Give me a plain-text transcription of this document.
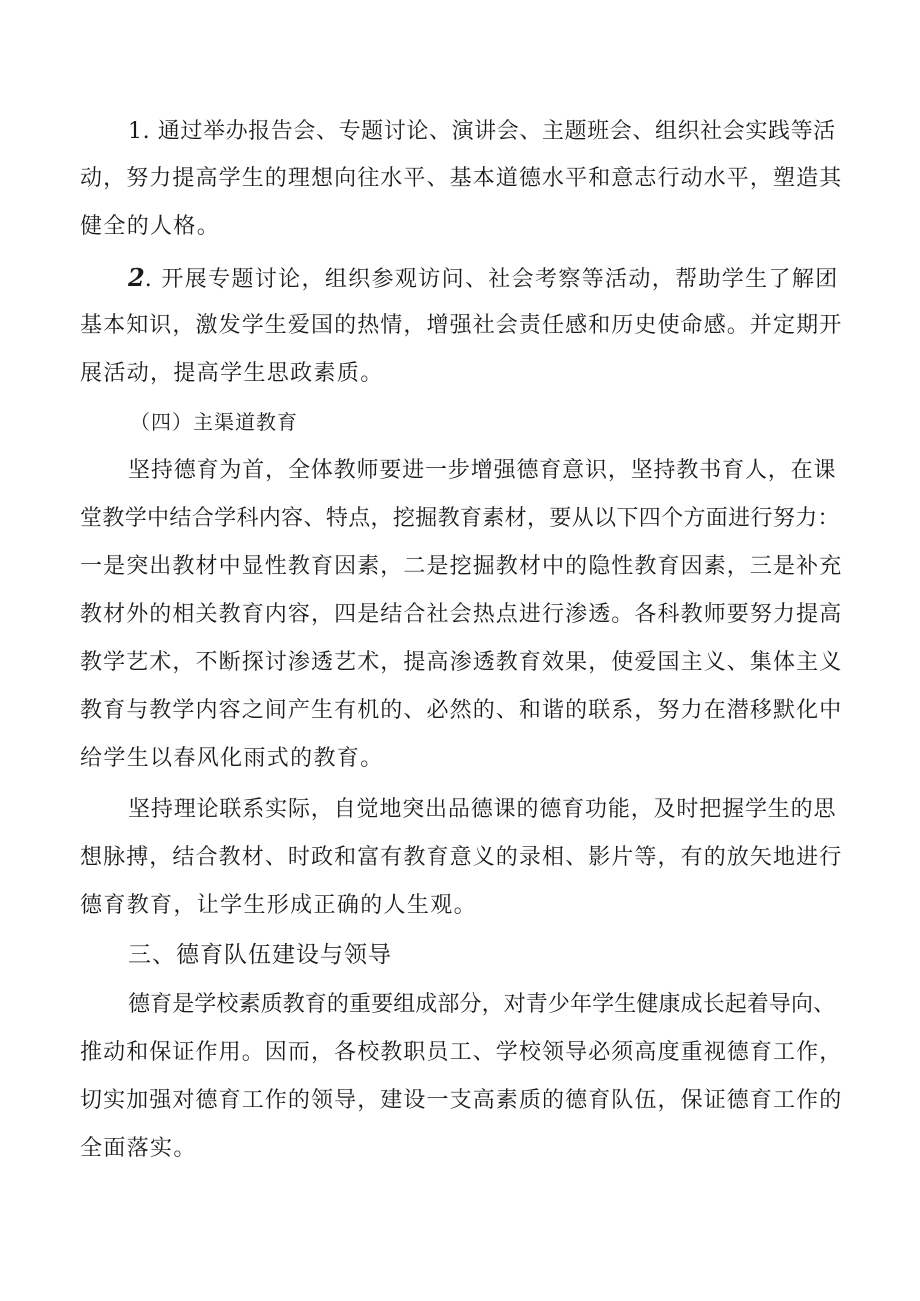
1. 通过举办报告会、专题讨论、演讲会、主题班会、组织社会实践等活
动，努力提高学生的理想向往水平、基本道德水平和意志行动水平，塑造其
健全的人格。
2. 开展专题讨论，组织参观访问、社会考察等活动，帮助学生了解团
基本知识，激发学生爱国的热情，增强社会责任感和历史使命感。并定期开
展活动，提高学生思政素质。
（四）主渠道教育
坚持德育为首，全体教师要进一步增强德育意识，坚持教书育人，在课
堂教学中结合学科内容、特点，挖掘教育素材，要从以下四个方面进行努力：
一是突出教材中显性教育因素，二是挖掘教材中的隐性教育因素，三是补充
教材外的相关教育内容，四是结合社会热点进行渗透。各科教师要努力提高
教学艺术，不断探讨渗透艺术，提高渗透教育效果，使爱国主义、集体主义
教育与教学内容之间产生有机的、必然的、和谐的联系，努力在潜移默化中
给学生以春风化雨式的教育。
坚持理论联系实际，自觉地突出品德课的德育功能，及时把握学生的思
想脉搏，结合教材、时政和富有教育意义的录相、影片等，有的放矢地进行
德育教育，让学生形成正确的人生观。
三、德育队伍建设与领导
德育是学校素质教育的重要组成部分，对青少年学生健康成长起着导向、
推动和保证作用。因而，各校教职员工、学校领导必须高度重视德育工作，
切实加强对德育工作的领导，建设一支高素质的德育队伍，保证德育工作的
全面落实。
